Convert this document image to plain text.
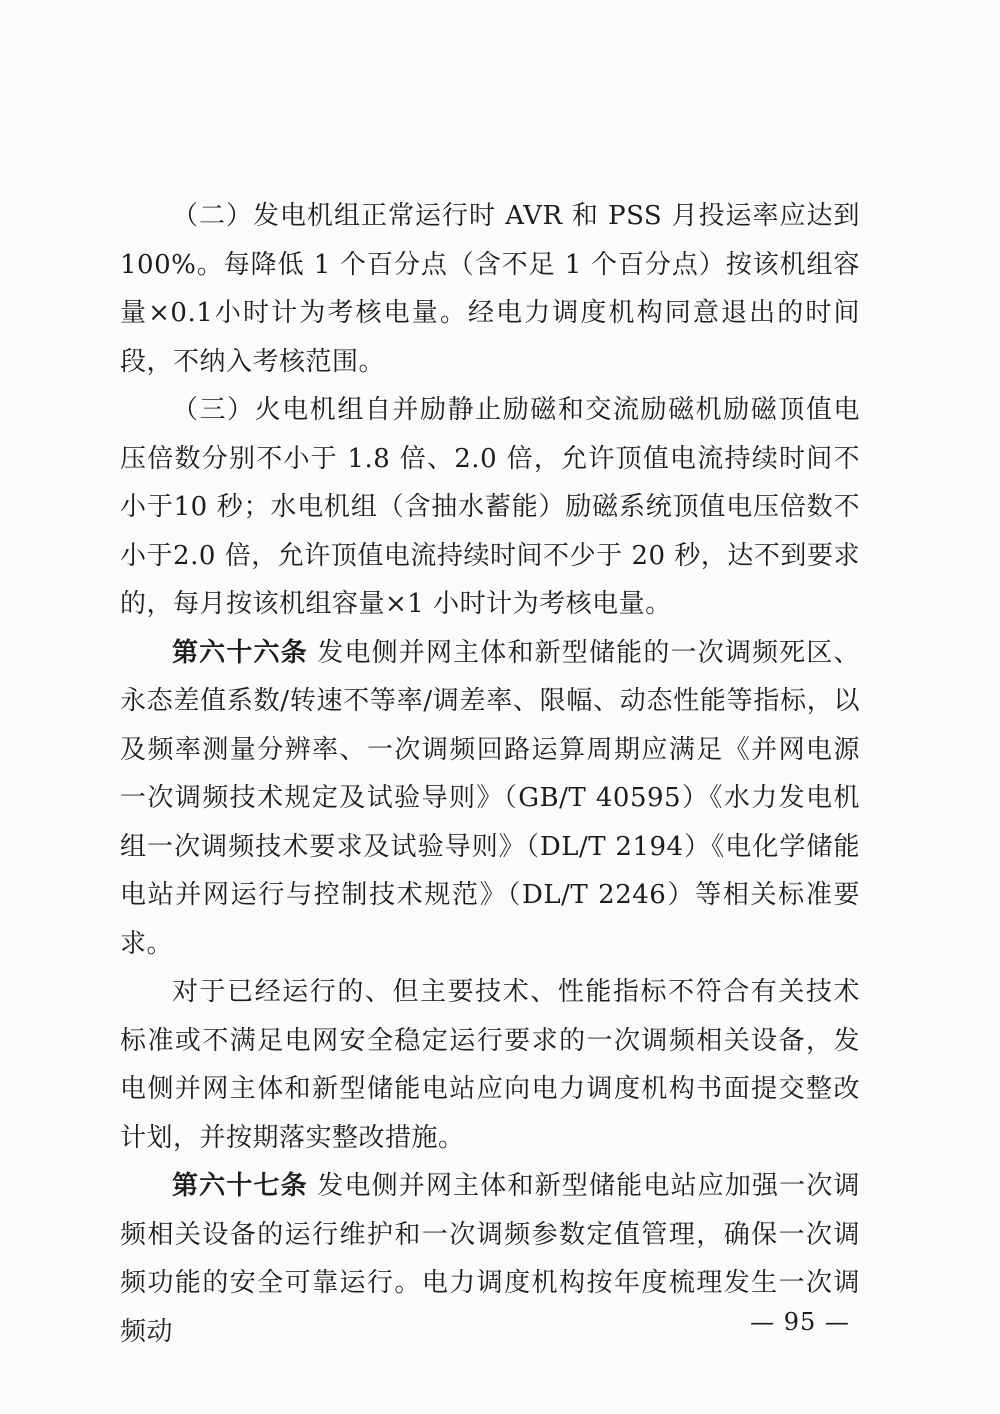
（二）发电机组正常运行时 AVR 和 PSS 月投运率应达到100%。每降低 1 个百分点（含不足 1 个百分点）按该机组容量×0.1小时计为考核电量。经电力调度机构同意退出的时间段，不纳入考核范围。

（三）火电机组自并励静止励磁和交流励磁机励磁顶值电压倍数分别不小于 1.8 倍、2.0 倍，允许顶值电流持续时间不小于10 秒；水电机组（含抽水蓄能）励磁系统顶值电压倍数不小于2.0 倍，允许顶值电流持续时间不少于 20 秒，达不到要求的，每月按该机组容量×1 小时计为考核电量。

第六十六条 发电侧并网主体和新型储能的一次调频死区、永态差值系数/转速不等率/调差率、限幅、动态性能等指标，以及频率测量分辨率、一次调频回路运算周期应满足《并网电源一次调频技术规定及试验导则》（GB/T 40595）《水力发电机组一次调频技术要求及试验导则》（DL/T 2194）《电化学储能电站并网运行与控制技术规范》（DL/T 2246）等相关标准要求。

对于已经运行的、但主要技术、性能指标不符合有关技术标准或不满足电网安全稳定运行要求的一次调频相关设备，发电侧并网主体和新型储能电站应向电力调度机构书面提交整改计划，并按期落实整改措施。

第六十七条 发电侧并网主体和新型储能电站应加强一次调频相关设备的运行维护和一次调频参数定值管理，确保一次调频功能的安全可靠运行。电力调度机构按年度梳理发生一次调频动	— 95 —
